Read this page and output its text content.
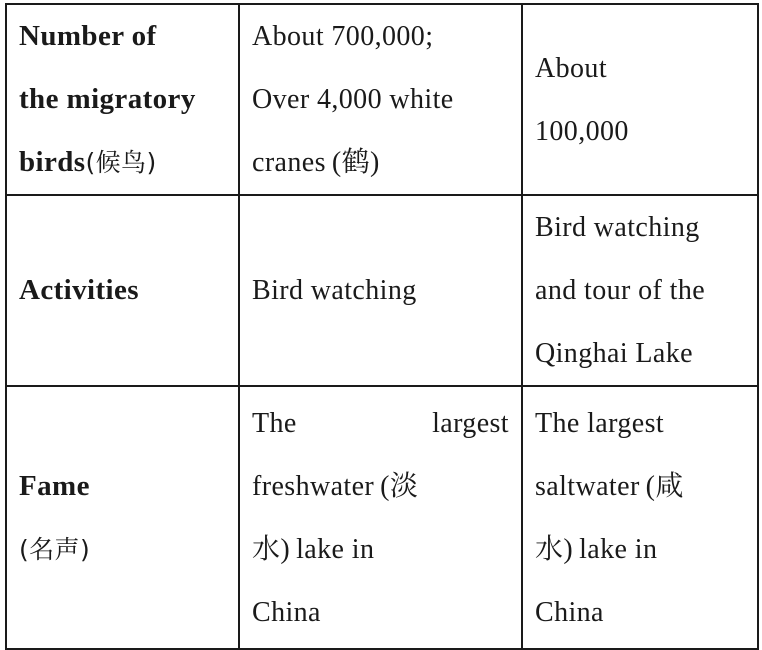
Number of
the migratory
birds(候鸟)	About 700,000;
Over 4,000 white
cranes (鹤)	About
100,000

Activities	Bird watching	Bird watching
and tour of the
Qinghai Lake

Fame
(名声)	The largest
freshwater (淡
水) lake in
China	The largest
saltwater (咸
水) lake in
China
